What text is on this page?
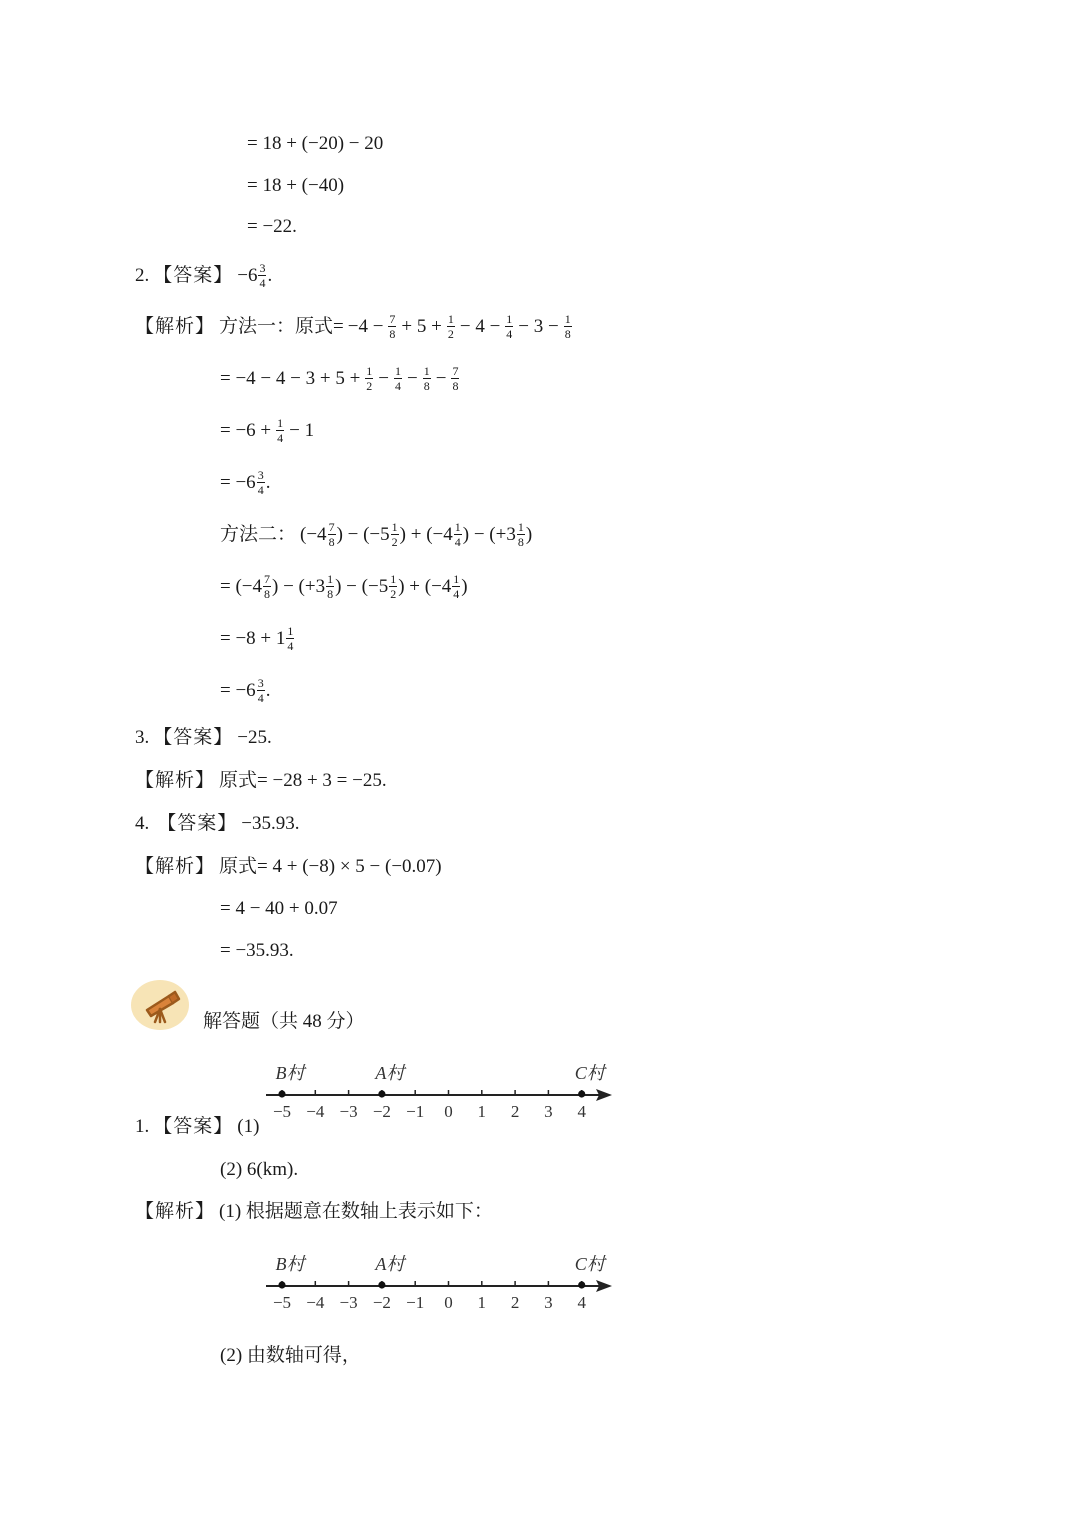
= 18 + (−20) − 20
= 18 + (−40)
= −22.
2. 【答案】 $-6 \frac{3}{4}$ .
【解析】 方法一：原式= $-4 - \frac{7}{8} + 5 + \frac{1}{2} - 4 - \frac{1}{4} - 3 - \frac{1}{8}$
= $-4 - 4 - 3 + 5 + \frac{1}{2} - \frac{1}{4} - \frac{1}{8} - \frac{7}{8}$
= $-6 + \frac{1}{4} - 1$
= $-6 \frac{3}{4}$ .
方法二： ($-4 \frac{7}{8}$ ) − ($-5 \frac{1}{2}$ ) + ($-4 \frac{1}{4}$ ) − ($+3 \frac{1}{8}$ )
= ($-4 \frac{7}{8}$ ) − ($+3 \frac{1}{8}$ ) − ($-5 \frac{1}{2}$ ) + ($-4 \frac{1}{4}$ )
= $-8 + 1 \frac{1}{4}$
= $-6 \frac{3}{4}$ .
3. 【答案】 −25.
【解析】 原式= −28 + 3 = −25.
4. 【答案】 −35.93.
【解析】 原式= 4 + (−8) × 5 − (−0.07)
= 4 − 40 + 0.07
= −35.93.
解答题（共 48 分）
−5 −4 −3 −2 −1 0 1 2 3 4
B村	A村	C村
1. 【答案】 (1)
(2) 6(km).
【解析】 (1) 根据题意在数轴上表示如下：
−5 −4 −3 −2 −1 0 1 2 3 4
B村	A村	C村
(2) 由数轴可得，
